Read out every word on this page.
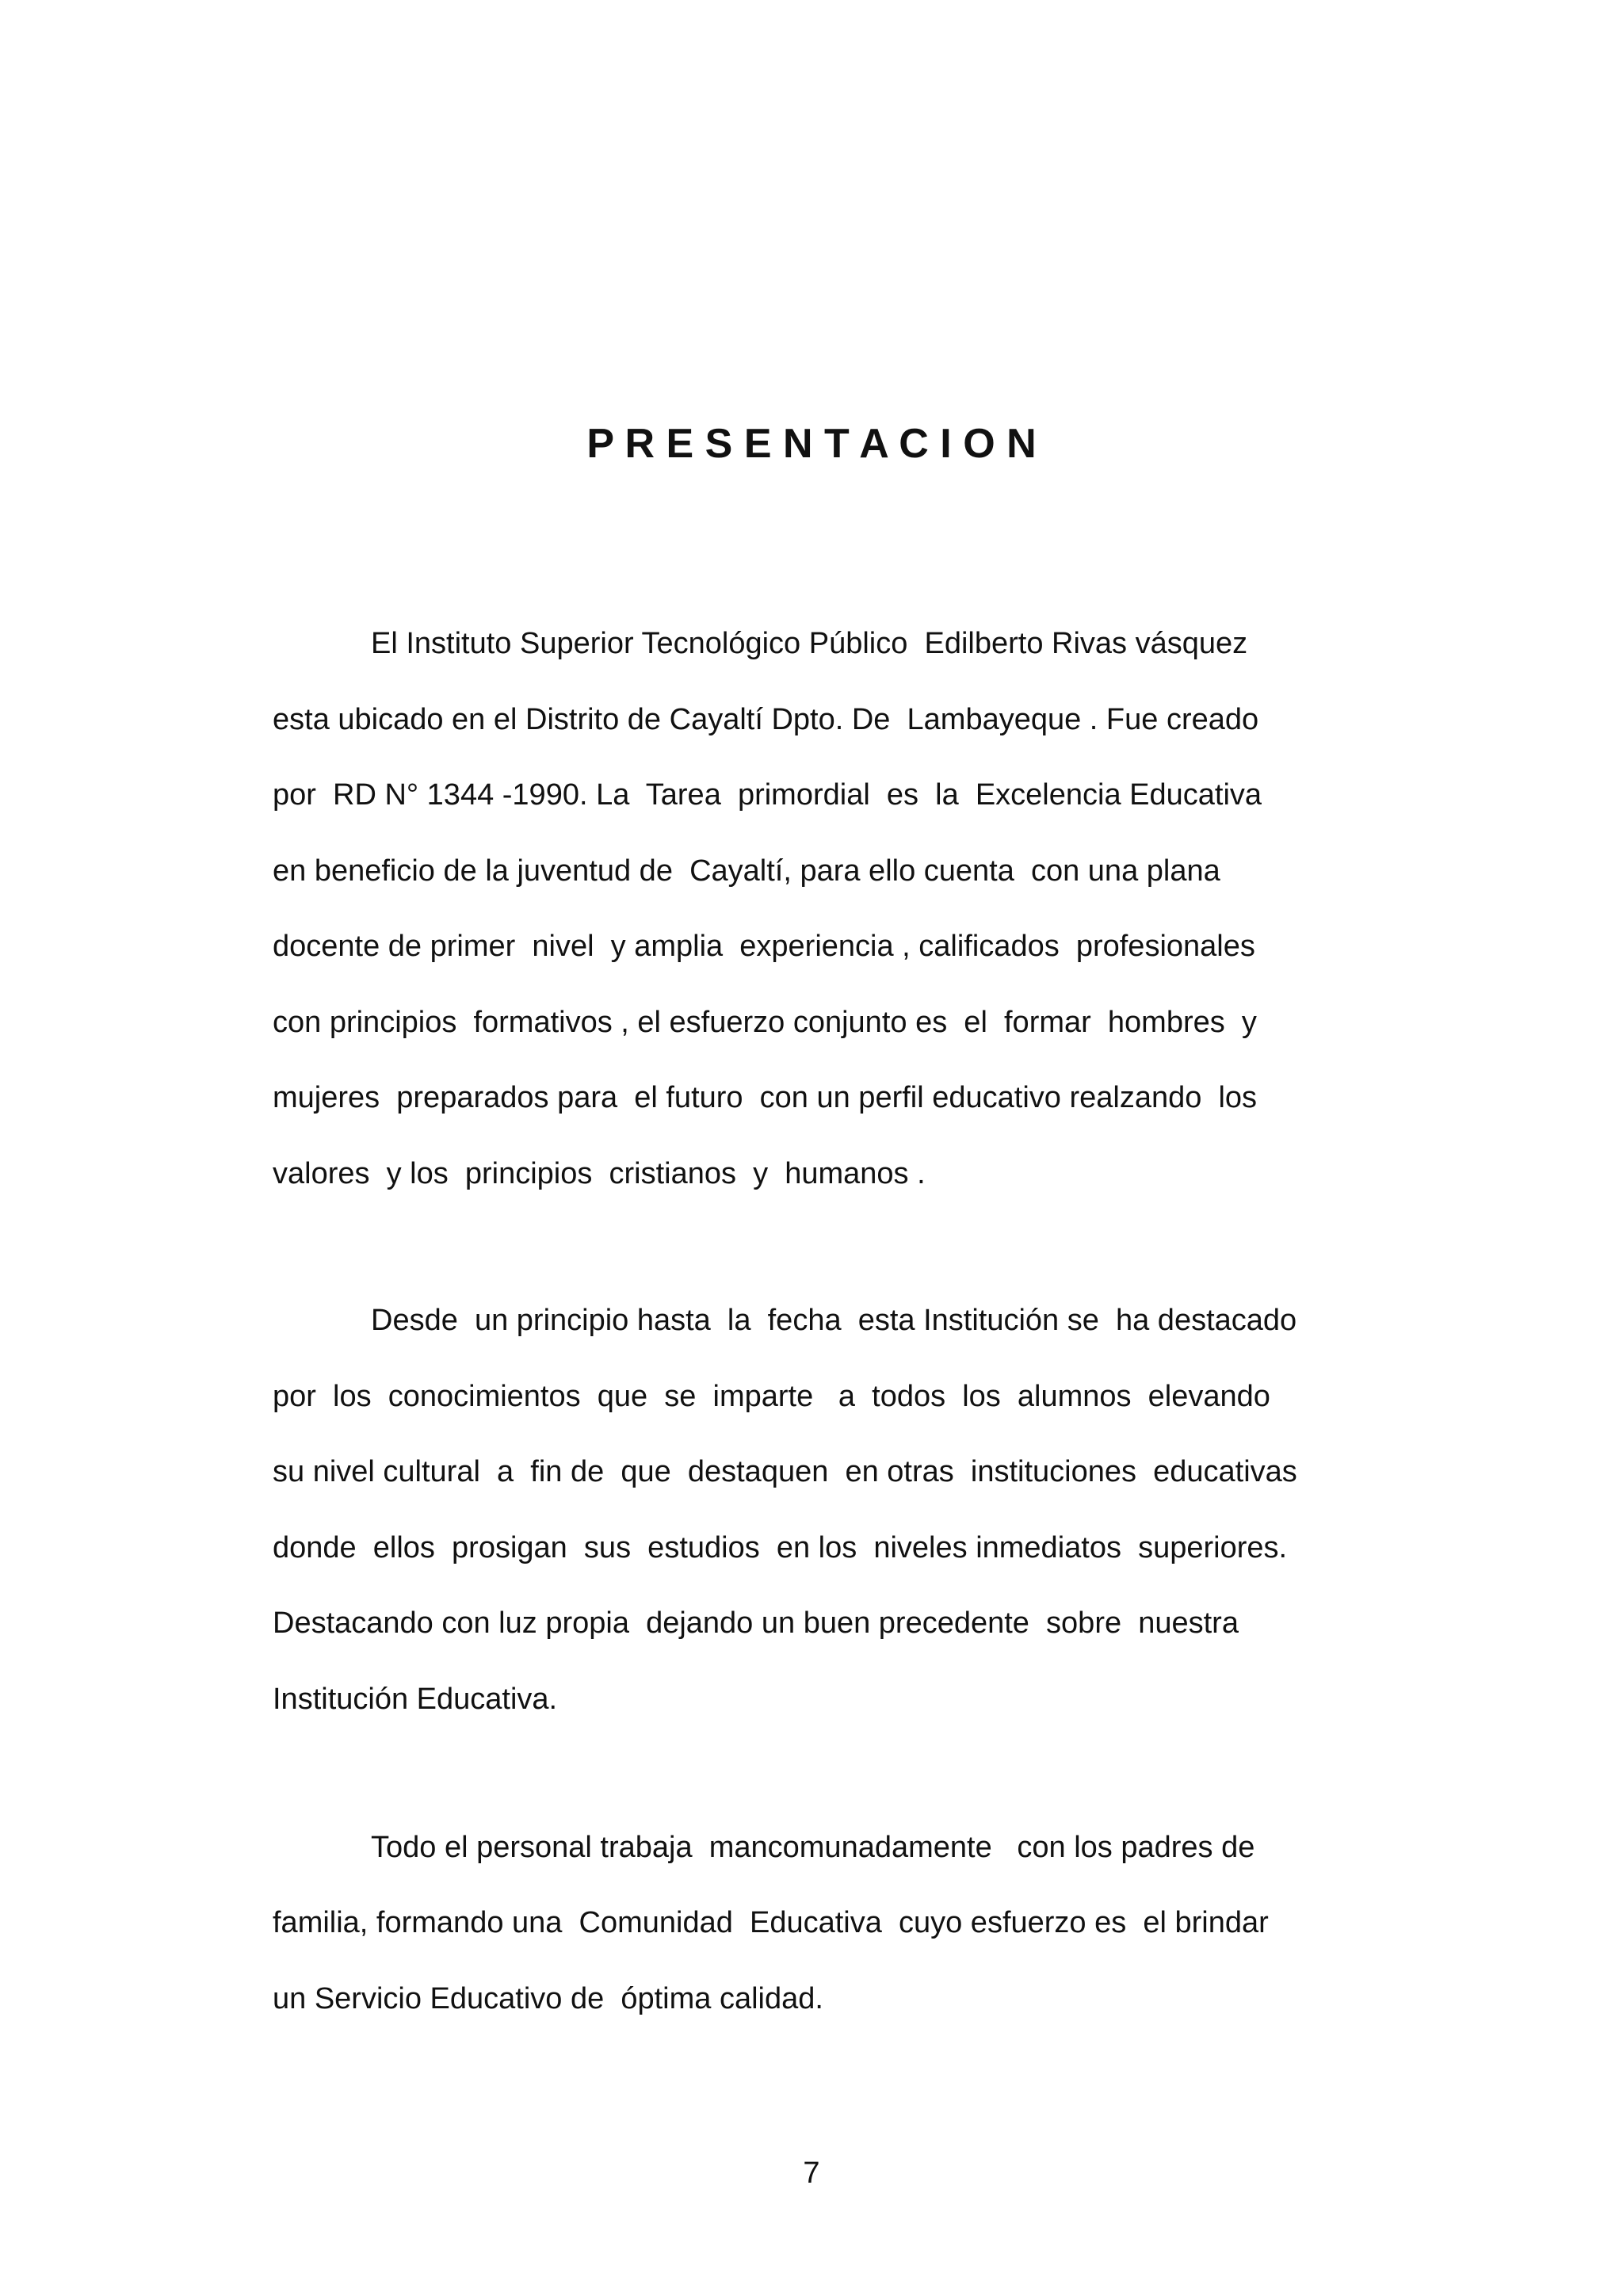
P R E S E N T A C I O N
El Instituto Superior Tecnológico Público  Edilberto Rivas vásquez
esta ubicado en el Distrito de Cayaltí Dpto. De  Lambayeque . Fue creado
por  RD N° 1344 -1990. La  Tarea  primordial  es  la  Excelencia Educativa
en beneficio de la juventud de  Cayaltí, para ello cuenta  con una plana
docente de primer  nivel  y amplia  experiencia , calificados  profesionales
con principios  formativos , el esfuerzo conjunto es  el  formar  hombres  y
mujeres  preparados para  el futuro  con un perfil educativo realzando  los
valores  y los  principios  cristianos  y  humanos .
Desde  un principio hasta  la  fecha  esta Institución se  ha destacado
por  los  conocimientos  que  se  imparte   a  todos  los  alumnos  elevando
su nivel cultural  a  fin de  que  destaquen  en otras  instituciones  educativas
donde  ellos  prosigan  sus  estudios  en los  niveles inmediatos  superiores.
Destacando con luz propia  dejando un buen precedente  sobre  nuestra
Institución Educativa.
Todo el personal trabaja  mancomunadamente   con los padres de
familia, formando una  Comunidad  Educativa  cuyo esfuerzo es  el brindar
un Servicio Educativo de  óptima calidad.
7
